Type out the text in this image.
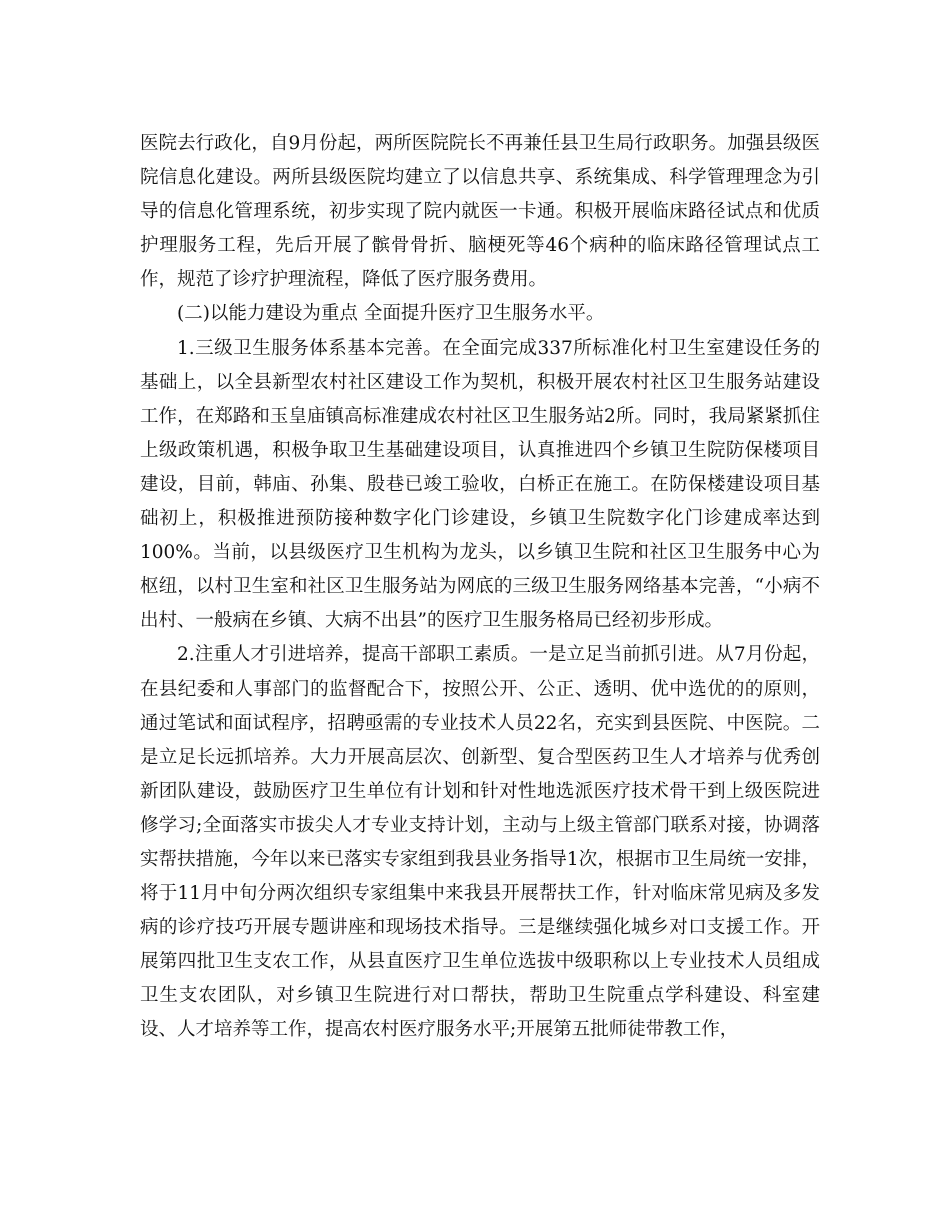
医院去行政化，自9月份起，两所医院院长不再兼任县卫生局行政职务。加强县级医院信息化建设。两所县级医院均建立了以信息共享、系统集成、科学管理理念为引导的信息化管理系统，初步实现了院内就医一卡通。积极开展临床路径试点和优质护理服务工程，先后开展了髌骨骨折、脑梗死等46个病种的临床路径管理试点工作，规范了诊疗护理流程，降低了医疗服务费用。

(二)以能力建设为重点 全面提升医疗卫生服务水平。

1.三级卫生服务体系基本完善。在全面完成337所标准化村卫生室建设任务的基础上，以全县新型农村社区建设工作为契机，积极开展农村社区卫生服务站建设工作，在郑路和玉皇庙镇高标准建成农村社区卫生服务站2所。同时，我局紧紧抓住上级政策机遇，积极争取卫生基础建设项目，认真推进四个乡镇卫生院防保楼项目建设，目前，韩庙、孙集、殷巷已竣工验收，白桥正在施工。在防保楼建设项目基础初上，积极推进预防接种数字化门诊建设，乡镇卫生院数字化门诊建成率达到100%。当前，以县级医疗卫生机构为龙头，以乡镇卫生院和社区卫生服务中心为枢纽，以村卫生室和社区卫生服务站为网底的三级卫生服务网络基本完善，“小病不出村、一般病在乡镇、大病不出县”的医疗卫生服务格局已经初步形成。

2.注重人才引进培养，提高干部职工素质。一是立足当前抓引进。从7月份起，在县纪委和人事部门的监督配合下，按照公开、公正、透明、优中选优的的原则，通过笔试和面试程序，招聘亟需的专业技术人员22名，充实到县医院、中医院。二是立足长远抓培养。大力开展高层次、创新型、复合型医药卫生人才培养与优秀创新团队建设，鼓励医疗卫生单位有计划和针对性地选派医疗技术骨干到上级医院进修学习;全面落实市拔尖人才专业支持计划，主动与上级主管部门联系对接，协调落实帮扶措施，今年以来已落实专家组到我县业务指导1次，根据市卫生局统一安排，将于11月中旬分两次组织专家组集中来我县开展帮扶工作，针对临床常见病及多发病的诊疗技巧开展专题讲座和现场技术指导。三是继续强化城乡对口支援工作。开展第四批卫生支农工作，从县直医疗卫生单位选拔中级职称以上专业技术人员组成卫生支农团队，对乡镇卫生院进行对口帮扶，帮助卫生院重点学科建设、科室建设、人才培养等工作，提高农村医疗服务水平;开展第五批师徒带教工作，
